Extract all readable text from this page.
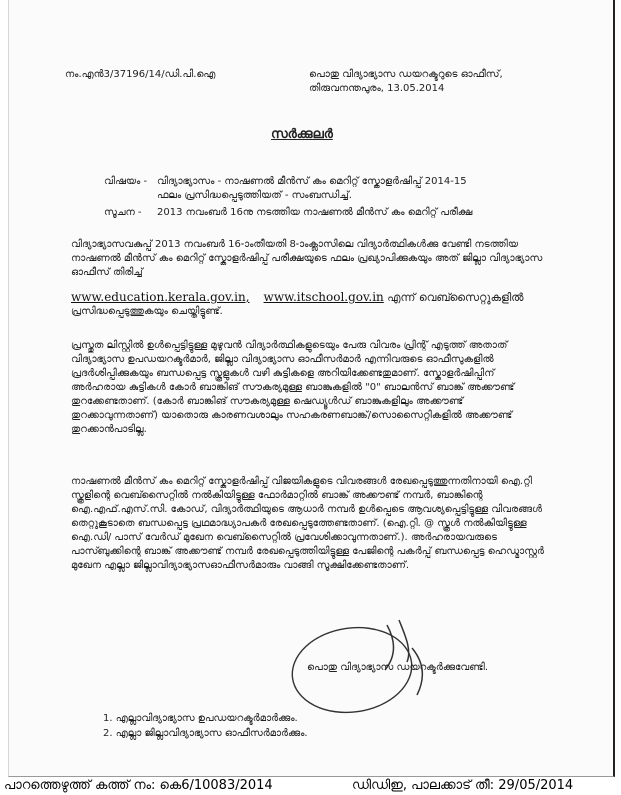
നം.എൻ3/37196/14/ഡി.പി.ഐ	പൊതു വിദ്യാഭ്യാസ ഡയറക്ടറുടെ ഓഫീസ്,
തിരുവനന്തപുരം, 13.05.2014
സർക്കുലർ
വിഷയം - വിദ്യാഭ്യാസം - നാഷണൽ മീൻസ് കം മെറിറ്റ് സ്കോളർഷിപ്പ് 2014-15
ഫലം പ്രസിദ്ധപ്പെടുത്തിയത് - സംബന്ധിച്ച്.
സൂചന - 2013 നവംബർ 16നു നടത്തിയ നാഷണൽ മീൻസ് കം മെറിറ്റ് പരീക്ഷ
വിദ്യാഭ്യാസവകുപ്പ് 2013 നവംബർ 16-ാംതീയതി 8-ാംക്ലാസിലെ വിദ്യാർത്ഥികൾക്കു വേണ്ടി നടത്തിയ നാഷണൽ മീൻസ് കം മെറിറ്റ് സ്കോളർഷിപ്പ് പരീക്ഷയുടെ ഫലം പ്രഖ്യാപിക്കുകയും അത് ജില്ലാ വിദ്യാഭ്യാസ ഓഫീസ് തിരിച്ച്
www.education.kerala.gov.in, www.itschool.gov.in എന്ന് വെബ്സൈറ്റുകളിൽ
പ്രസിദ്ധപ്പെടുത്തുകയും ചെയ്തിട്ടുണ്ട്.
പ്രസ്തുത ലിസ്റ്റിൽ ഉൾപ്പെട്ടിട്ടുള്ള മുഴുവൻ വിദ്യാർത്ഥികളുടെയും പേരു വിവരം പ്രിന്റ് എടുത്ത് അതാത് വിദ്യാഭ്യാസ ഉപഡയറക്ടർമാർ, ജില്ലാ വിദ്യാഭ്യാസ ഓഫീസർമാർ എന്നിവരുടെ ഓഫീസുകളിൽ പ്രദർശിപ്പിക്കുകയും ബന്ധപ്പെട്ട സ്കൂളുകൾ വഴി കുട്ടികളെ അറിയിക്കേണ്ടതുമാണ്. സ്കോളർഷിപ്പിന് അർഹരായ കുട്ടികൾ കോർ ബാങ്കിങ് സൗകര്യമുള്ള ബാങ്കുകളിൽ "0" ബാലൻസ് ബാങ്ക് അക്കൗണ്ട് തുറക്കേണ്ടതാണ്. (കോർ ബാങ്കിങ് സൗകര്യമുള്ള ഷെഡ്യൂൾഡ് ബാങ്കുകളിലും അക്കൗണ്ട് തുറക്കാവുന്നതാണ്) യാതൊരു കാരണവശാലും സഹകരണബാങ്ക്/സൊസൈറ്റികളിൽ അക്കൗണ്ട് തുറക്കാൻപാടില്ല.
നാഷണൽ മീൻസ് കം മെറിറ്റ് സ്കോളർഷിപ്പ് വിജയികളുടെ വിവരങ്ങൾ രേഖപ്പെടുത്തുന്നതിനായി ഐ.റ്റി സ്കൂളിന്റെ വെബ്സൈറ്റിൽ നൽകിയിട്ടുള്ള ഫോർമാറ്റിൽ ബാങ്ക് അക്കൗണ്ട് നമ്പർ, ബാങ്കിന്റെ ഐ.എഫ്.എസ്.സി. കോഡ്, വിദ്യാർത്ഥിയുടെ ആധാർ നമ്പർ ഉൾപ്പെടെ ആവശ്യപ്പെട്ടിട്ടുള്ള വിവരങ്ങൾ തെറ്റുകൂടാതെ ബന്ധപ്പെട്ട പ്രഥമാദ്ധ്യാപകർ രേഖപ്പെടുത്തേണ്ടതാണ്. (ഐ.റ്റി. @ സ്കൂൾ നൽകിയിട്ടുള്ള ഐ.ഡി/ പാസ് വേർഡ് മുഖേന വെബ്സൈറ്റിൽ പ്രവേശിക്കാവുന്നതാണ്.). അർഹരായവരുടെ പാസ്ബുക്കിന്റെ ബാങ്ക് അക്കൗണ്ട് നമ്പർ രേഖപ്പെടുത്തിയിട്ടുള്ള പേജിന്റെ പകർപ്പ് ബന്ധപ്പെട്ട ഹെഡ്മാസ്റ്റർ മുഖേന എല്ലാ ജില്ലാവിദ്യാഭ്യാസഓഫീസർമാരും വാങ്ങി സൂക്ഷിക്കേണ്ടതാണ്.
പൊതു വിദ്യാഭ്യാസ ഡയറക്ടർക്കുവേണ്ടി.
1. എല്ലാവിദ്യാഭ്യാസ ഉപഡയറക്ടർമാർക്കും.
2. എല്ലാ ജില്ലാവിദ്യാഭ്യാസ ഓഫീസർമാർക്കും.
പാറത്തെഴുത്ത് കത്ത് നം: കെ6/10083/2014	ഡിഡിഇ, പാലക്കാട് തീ: 29/05/2014
